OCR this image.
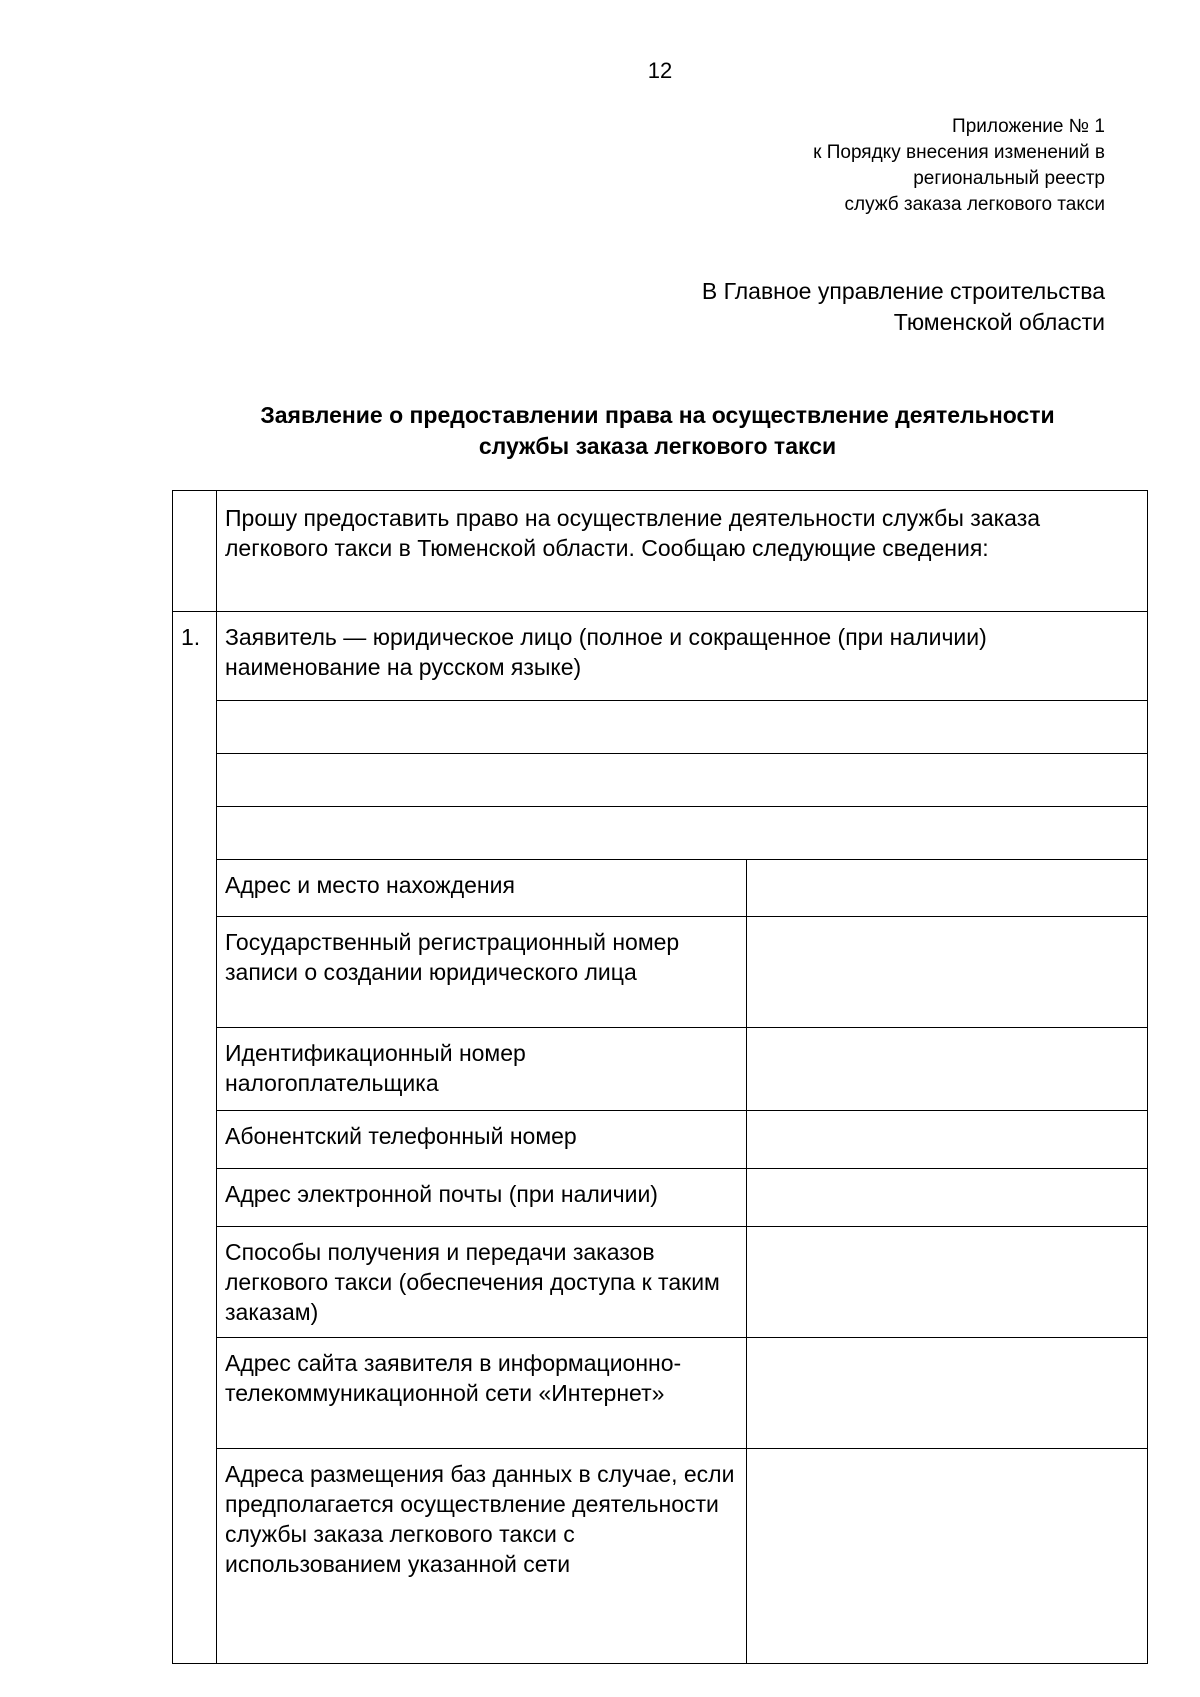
12
Приложение № 1
к Порядку внесения изменений в
региональный реестр
служб заказа легкового такси
В Главное управление строительства
Тюменской области
Заявление о предоставлении права на осуществление деятельности
службы заказа легкового такси
	Прошу предоставить право на осуществление деятельности службы заказа легкового такси в Тюменской области. Сообщаю следующие сведения:	
1.	Заявитель — юридическое лицо (полное и сокращенное (при наличии) наименование на русском языке)	

	Адрес и место нахождения	
	Государственный регистрационный номер записи о создании юридического лица	
	Идентификационный номер налогоплательщика	
	Абонентский телефонный номер	
	Адрес электронной почты (при наличии)	
	Способы получения и передачи заказов легкового такси (обеспечения доступа к таким заказам)	
	Адрес сайта заявителя в информационно-телекоммуникационной сети «Интернет»	
	Адреса размещения баз данных в случае, если предполагается осуществление деятельности службы заказа легкового такси с использованием указанной сети	
